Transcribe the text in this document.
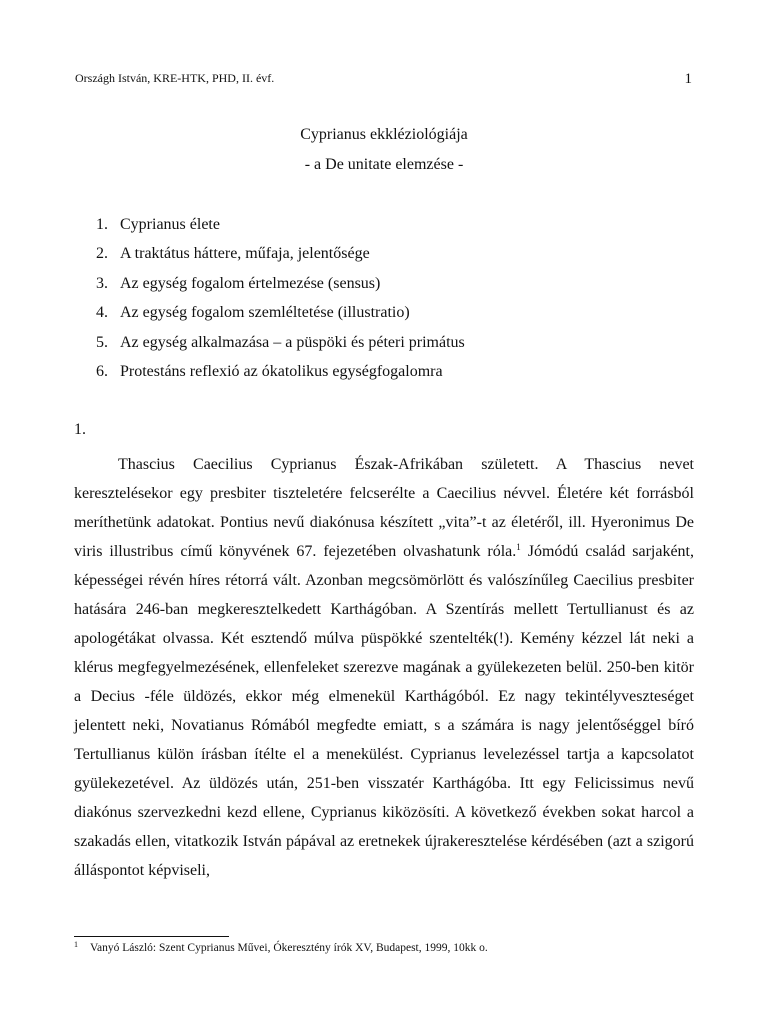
Országh István, KRE-HTK, PHD, II. évf.	1
Cyprianus ekkléziológiája
- a De unitate elemzése -
1. Cyprianus élete
2. A traktátus háttere, műfaja, jelentősége
3. Az egység fogalom értelmezése (sensus)
4. Az egység fogalom szemléltetése (illustratio)
5. Az egység alkalmazása – a püspöki és péteri primátus
6. Protestáns reflexió az ókatolikus egységfogalomra
1.

Thascius Caecilius Cyprianus Észak-Afrikában született. A Thascius nevet keresztelésekor egy presbiter tiszteletére felcserélte a Caecilius névvel. Életére két forrásból meríthetünk adatokat. Pontius nevű diakónusa készített „vita”-t az életéről, ill. Hyeronimus De viris illustribus című könyvének 67. fejezetében olvashatunk róla.$^1$ Jómódú család sarjaként, képességei révén híres rétorrá vált. Azonban megcsömörlött és valószínűleg Caecilius presbiter hatására 246-ban megkeresztelkedett Karthágóban. A Szentírás mellett Tertullianust és az apologétákat olvassa. Két esztendő múlva püspökké szentelték(!). Kemény kézzel lát neki a klérus megfegyelmezésének, ellenfeleket szerezve magának a gyülekezeten belül. 250-ben kitör a Decius -féle üldözés, ekkor még elmenekül Karthágóból. Ez nagy tekintélyveszteséget jelentett neki, Novatianus Rómából megfedte emiatt, s a számára is nagy jelentőséggel bíró Tertullianus külön írásban ítélte el a menekülést. Cyprianus levelezéssel tartja a kapcsolatot gyülekezetével. Az üldözés után, 251-ben visszatér Karthágóba. Itt egy Felicissimus nevű diakónus szervezkedni kezd ellene, Cyprianus kiközösíti. A következő években sokat harcol a szakadás ellen, vitatkozik István pápával az eretnekek újrakeresztelése kérdésében (azt a szigorú álláspontot képviseli,

1 Vanyó László: Szent Cyprianus Művei, Ókeresztény írók XV, Budapest, 1999, 10kk o.
